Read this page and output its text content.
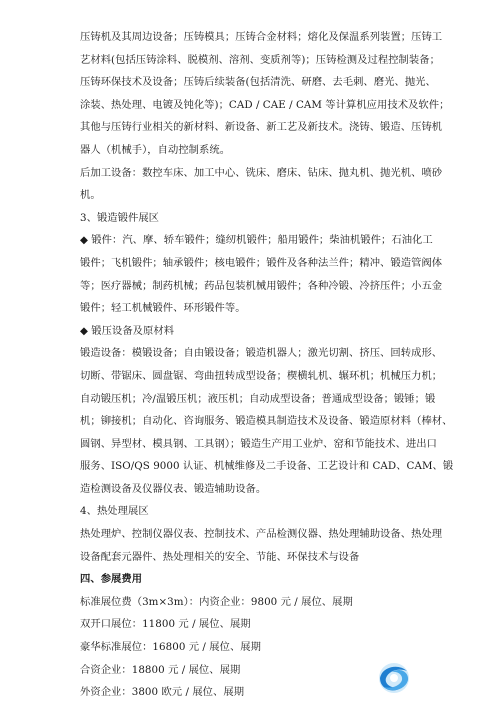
压铸机及其周边设备；压铸模具；压铸合金材料；熔化及保温系列装置；压铸工
艺材料(包括压铸涂料、脱模剂、溶剂、变质剂等)；压铸检测及过程控制装备；
压铸环保技术及设备；压铸后续装备(包括清洗、研磨、去毛刺、磨光、抛光、
涂装、热处理、电镀及钝化等)；CAD / CAE / CAM 等计算机应用技术及软件；
其他与压铸行业相关的新材料、新设备、新工艺及新技术。浇铸、锻造、压铸机
器人（机械手），自动控制系统。
后加工设备：数控车床、加工中心、铣床、磨床、钻床、抛丸机、抛光机、喷砂
机。
3、锻造锻件展区
◆ 锻件：汽、摩、轿车锻件；缝纫机锻件；船用锻件；柴油机锻件；石油化工
锻件；飞机锻件；轴承锻件；核电锻件；锻件及各种法兰件；精冲、锻造管阀体
等；医疗器械；制药机械；药品包装机械用锻件；各种冷锻、冷挤压件；小五金
锻件；轻工机械锻件、环形锻件等。
◆ 锻压设备及原材料
锻造设备：模锻设备；自由锻设备；锻造机器人；激光切割、挤压、回转成形、
切断、带锯床、圆盘锯、弯曲扭转成型设备；楔横轧机、辗环机；机械压力机；
自动锻压机；冷/温锻压机；液压机；自动成型设备；普通成型设备；锻锤；锻
机；铆接机；自动化、咨询服务、锻造模具制造技术及设备、锻造原材料（棒材、
圆钢、异型材、模具钢、工具钢）；锻造生产用工业炉、窑和节能技术、进出口
服务、ISO/QS 9000 认证、机械维修及二手设备、工艺设计和 CAD、CAM、锻
造检测设备及仪器仪表、锻造辅助设备。
4、热处理展区
热处理炉、控制仪器仪表、控制技术、产品检测仪器、热处理辅助设备、热处理
设备配套元器件、热处理相关的安全、节能、环保技术与设备
四、参展费用
标准展位费（3m×3m）：内资企业：9800 元 / 展位、展期
双开口展位：11800 元 / 展位、展期
豪华标准展位：16800 元 / 展位、展期
合资企业：18800 元 / 展位、展期
外资企业：3800 欧元 / 展位、展期
